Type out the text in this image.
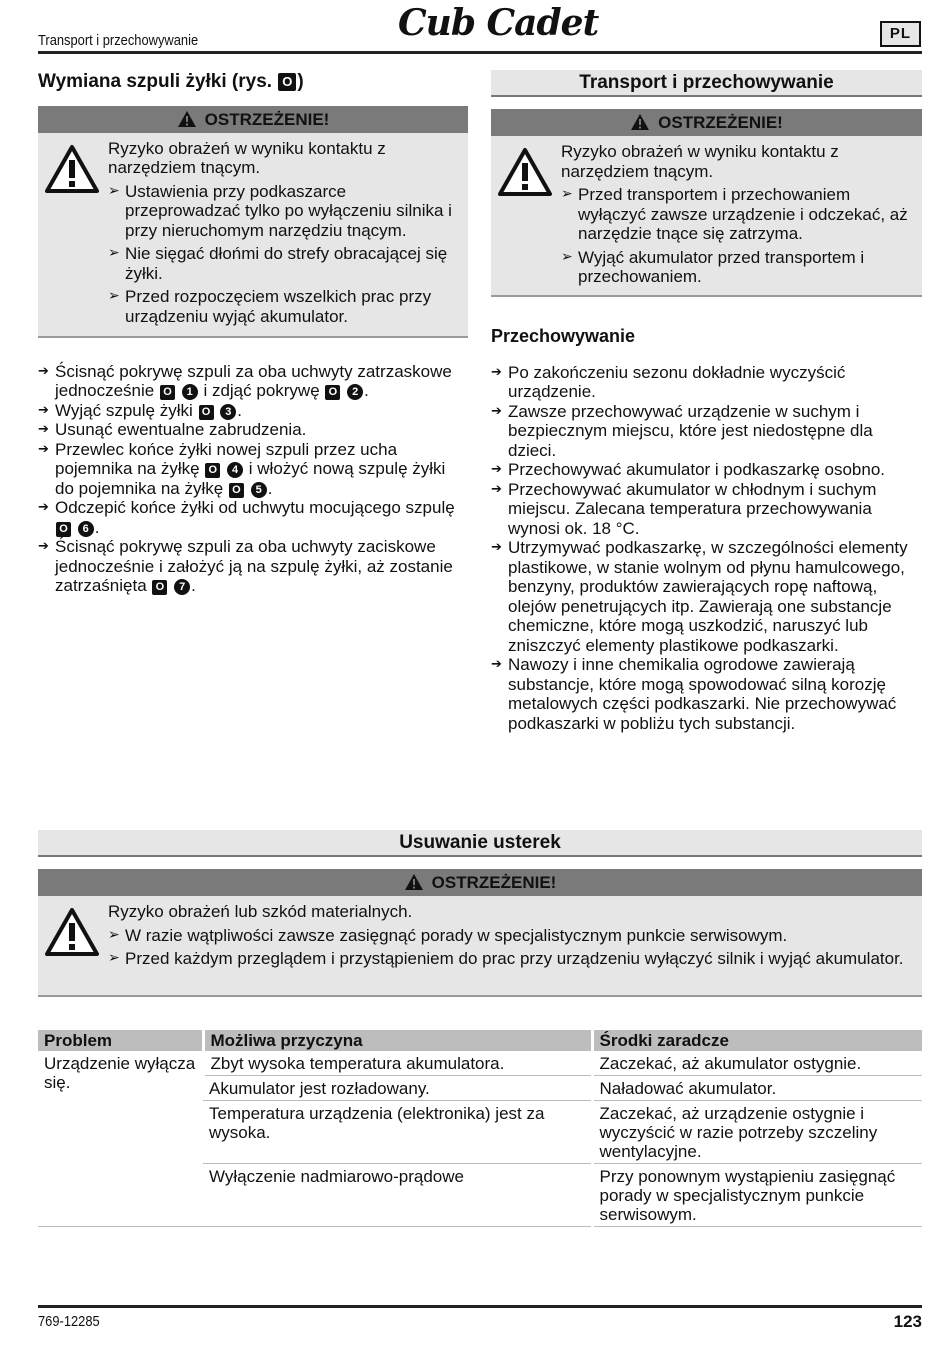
Transport i przechowywanie	Cub Cadet	PL
Wymiana szpuli żyłki (rys. O )
OSTRZEŻENIE!
Ryzyko obrażeń w wyniku kontaktu z narzędziem tnącym.
➢ Ustawienia przy podkaszarce przeprowadzać tylko po wyłączeniu silnika i przy nieruchomym narzędziu tnącym.
➢ Nie sięgać dłońmi do strefy obracającej się żyłki.
➢ Przed rozpoczęciem wszelkich prac przy urządzeniu wyjąć akumulator.
➔ Ścisnąć pokrywę szpuli za oba uchwyty zatrzaskowe jednocześnie O 1 i zdjąć pokrywę O 2 .
➔ Wyjąć szpulę żyłki O 3 .
➔ Usunąć ewentualne zabrudzenia.
➔ Przewlec końce żyłki nowej szpuli przez ucha pojemnika na żyłkę O 4 i włożyć nową szpulę żyłki do pojemnika na żyłkę O 5 .
➔ Odczepić końce żyłki od uchwytu mocującego szpulę O 6 .
➔ Ścisnąć pokrywę szpuli za oba uchwyty zaciskowe jednocześnie i założyć ją na szpulę żyłki, aż zostanie zatrzaśnięta O 7 .
Transport i przechowywanie
OSTRZEŻENIE!
Ryzyko obrażeń w wyniku kontaktu z narzędziem tnącym.
➢ Przed transportem i przechowaniem wyłączyć zawsze urządzenie i odczekać, aż narzędzie tnące się zatrzyma.
➢ Wyjąć akumulator przed transportem i przechowaniem.
Przechowywanie
➔ Po zakończeniu sezonu dokładnie wyczyścić urządzenie.
➔ Zawsze przechowywać urządzenie w suchym i bezpiecznym miejscu, które jest niedostępne dla dzieci.
➔ Przechowywać akumulator i podkaszarkę osobno.
➔ Przechowywać akumulator w chłodnym i suchym miejscu. Zalecana temperatura przechowywania wynosi ok. 18 °C.
➔ Utrzymywać podkaszarkę, w szczególności elementy plastikowe, w stanie wolnym od płynu hamulcowego, benzyny, produktów zawierających ropę naftową, olejów penetrujących itp. Zawierają one substancje chemiczne, które mogą uszkodzić, naruszyć lub zniszczyć elementy plastikowe podkaszarki.
➔ Nawozy i inne chemikalia ogrodowe zawierają substancje, które mogą spowodować silną korozję metalowych części podkaszarki. Nie przechowywać podkaszarki w pobliżu tych substancji.
Usuwanie usterek
OSTRZEŻENIE!
Ryzyko obrażeń lub szkód materialnych.
➢ W razie wątpliwości zawsze zasięgnąć porady w specjalistycznym punkcie serwisowym.
➢ Przed każdym przeglądem i przystąpieniem do prac przy urządzeniu wyłączyć silnik i wyjąć akumulator.
Problem	Możliwa przyczyna	Środki zaradcze
Urządzenie wyłącza się.	Zbyt wysoka temperatura akumulatora.	Zaczekać, aż akumulator ostygnie.
	Akumulator jest rozładowany.	Naładować akumulator.
	Temperatura urządzenia (elektronika) jest za wysoka.	Zaczekać, aż urządzenie ostygnie i wyczyścić w razie potrzeby szczeliny wentylacyjne.
	Wyłączenie nadmiarowo-prądowe	Przy ponownym wystąpieniu zasięgnąć porady w specjalistycznym punkcie serwisowym.
769-12285	123
